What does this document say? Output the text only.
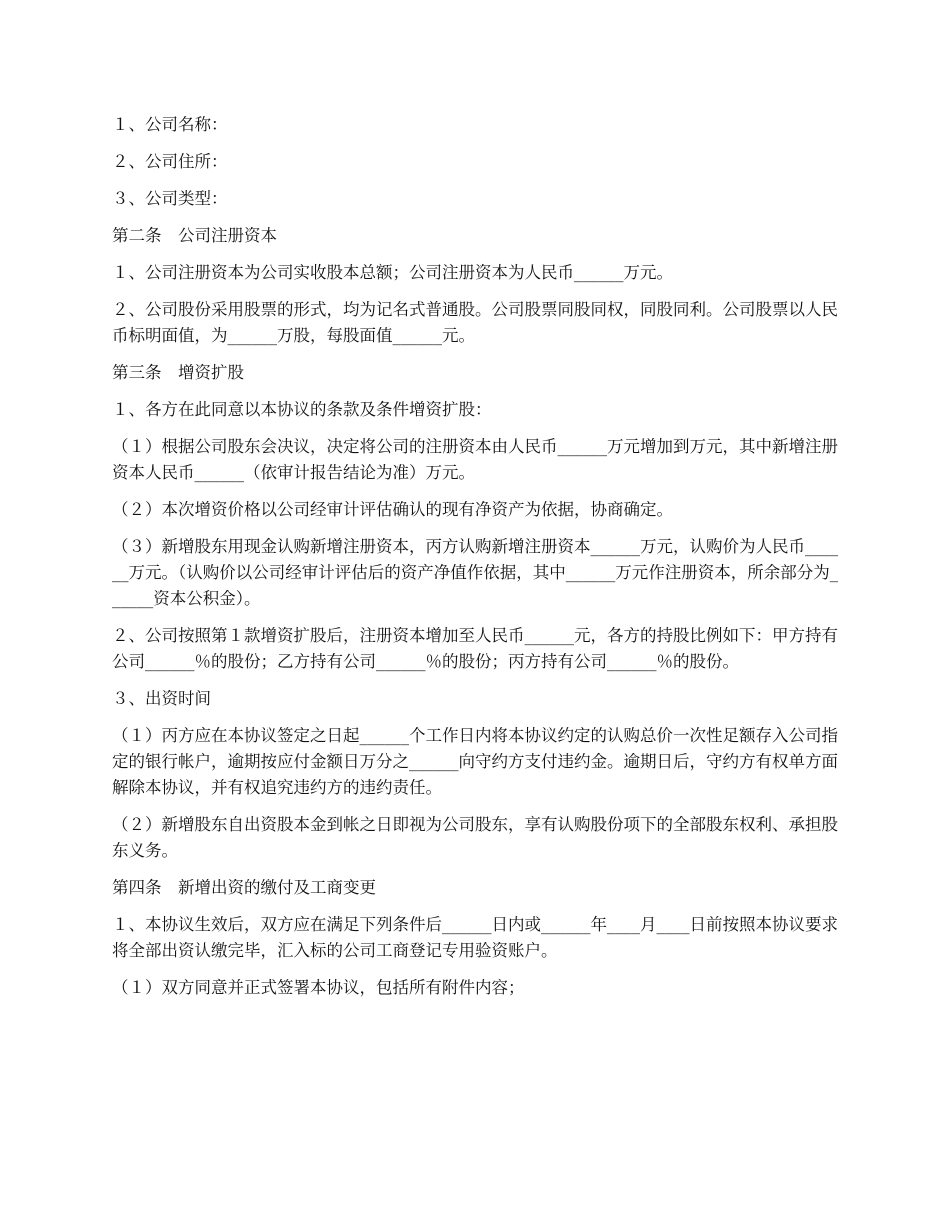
１、公司名称：

２、公司住所：

３、公司类型：

第二条　公司注册资本

１、公司注册资本为公司实收股本总额；公司注册资本为人民币______万元。

２、公司股份采用股票的形式，均为记名式普通股。公司股票同股同权，同股同利。公司股票以人民币标明面值，为______万股，每股面值______元。

第三条　增资扩股

１、各方在此同意以本协议的条款及条件增资扩股：

（１）根据公司股东会决议，决定将公司的注册资本由人民币______万元增加到万元，其中新增注册资本人民币______（依审计报告结论为准）万元。

（２）本次增资价格以公司经审计评估确认的现有净资产为依据，协商确定。

（３）新增股东用现金认购新增注册资本，丙方认购新增注册资本______万元，认购价为人民币______万元。（认购价以公司经审计评估后的资产净值作依据，其中______万元作注册资本，所余部分为______资本公积金）。

２、公司按照第１款增资扩股后，注册资本增加至人民币______元，各方的持股比例如下：甲方持有公司______％的股份；乙方持有公司______％的股份；丙方持有公司______％的股份。

３、出资时间

（１）丙方应在本协议签定之日起______个工作日内将本协议约定的认购总价一次性足额存入公司指定的银行帐户，逾期按应付金额日万分之______向守约方支付违约金。逾期日后，守约方有权单方面解除本协议，并有权追究违约方的违约责任。

（２）新增股东自出资股本金到帐之日即视为公司股东，享有认购股份项下的全部股东权利、承担股东义务。

第四条　新增出资的缴付及工商变更

１、本协议生效后，双方应在满足下列条件后______日内或______年____月____日前按照本协议要求将全部出资认缴完毕，汇入标的公司工商登记专用验资账户。

（１）双方同意并正式签署本协议，包括所有附件内容；
